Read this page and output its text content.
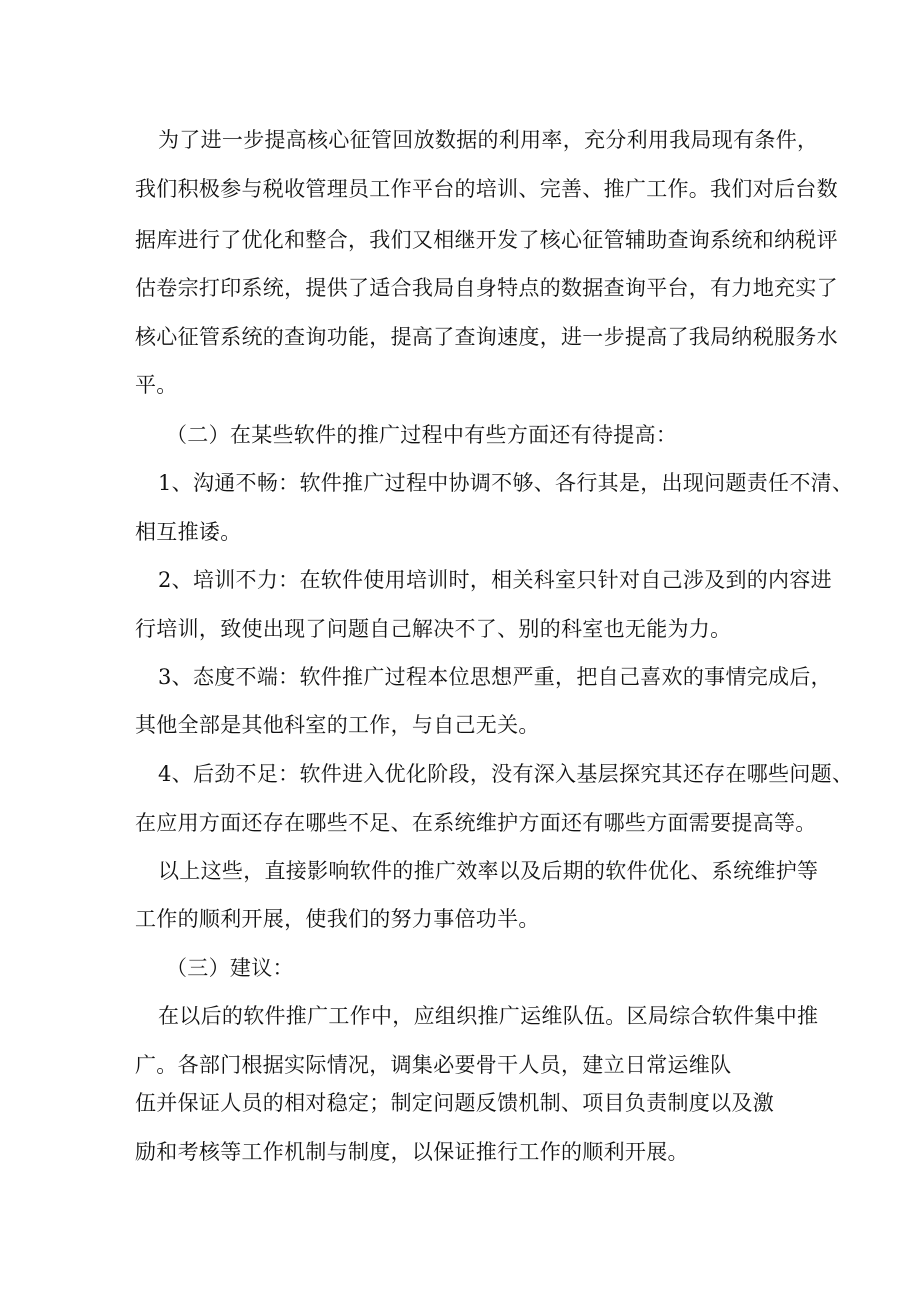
为了进一步提高核心征管回放数据的利用率，充分利用我局现有条件，
我们积极参与税收管理员工作平台的培训、完善、推广工作。我们对后台数
据库进行了优化和整合，我们又相继开发了核心征管辅助查询系统和纳税评
估卷宗打印系统，提供了适合我局自身特点的数据查询平台，有力地充实了
核心征管系统的查询功能，提高了查询速度，进一步提高了我局纳税服务水
平。
（二）在某些软件的推广过程中有些方面还有待提高：
1、沟通不畅：软件推广过程中协调不够、各行其是，出现问题责任不清、
相互推诿。
2、培训不力：在软件使用培训时，相关科室只针对自己涉及到的内容进
行培训，致使出现了问题自己解决不了、别的科室也无能为力。
3、态度不端：软件推广过程本位思想严重，把自己喜欢的事情完成后，
其他全部是其他科室的工作，与自己无关。
4、后劲不足：软件进入优化阶段，没有深入基层探究其还存在哪些问题、
在应用方面还存在哪些不足、在系统维护方面还有哪些方面需要提高等。
以上这些，直接影响软件的推广效率以及后期的软件优化、系统维护等
工作的顺利开展，使我们的努力事倍功半。
（三）建议：
在以后的软件推广工作中，应组织推广运维队伍。区局综合软件集中推
广。各部门根据实际情况，调集必要骨干人员，建立日常运维队
伍并保证人员的相对稳定；制定问题反馈机制、项目负责制度以及激
励和考核等工作机制与制度，以保证推行工作的顺利开展。
